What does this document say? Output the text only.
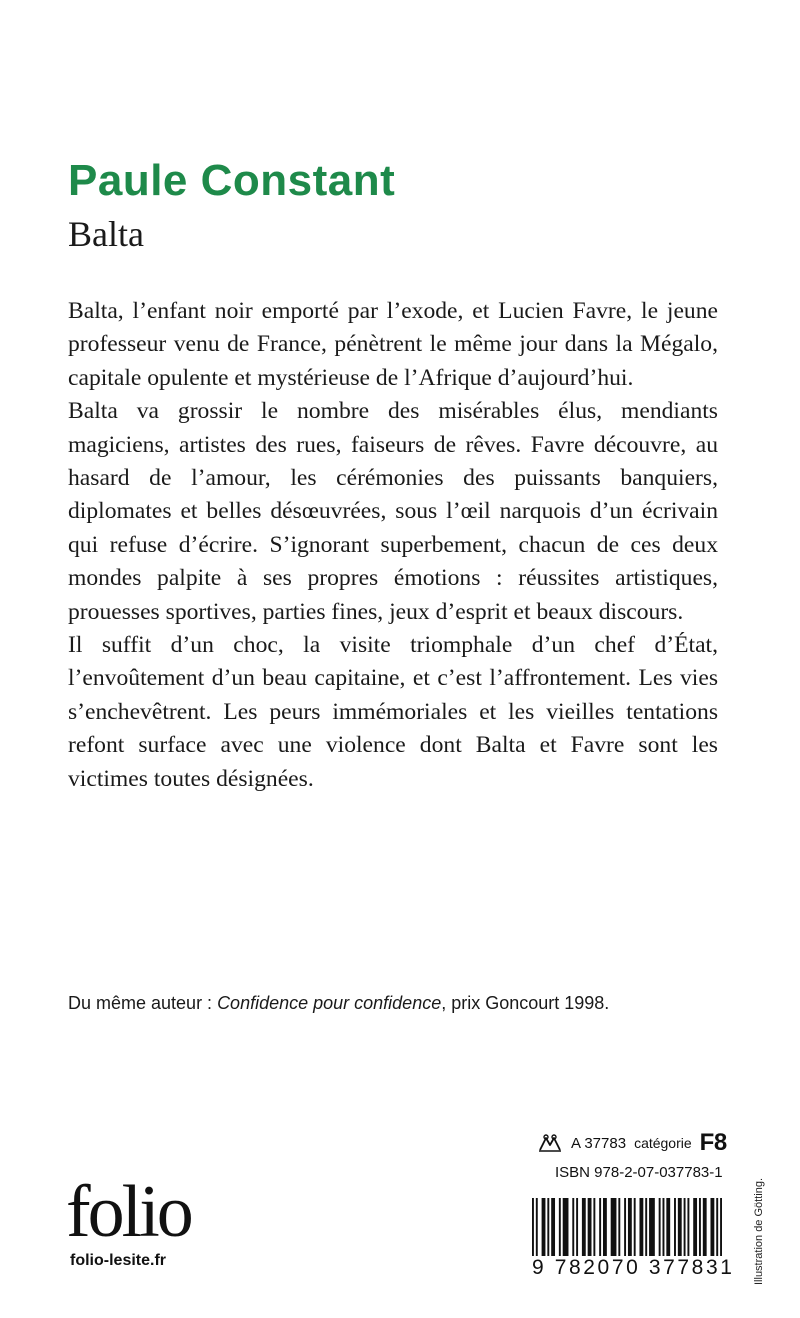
Paule Constant
Balta

Balta, l’enfant noir emporté par l’exode, et Lucien Favre, le jeune professeur venu de France, pénètrent le même jour dans la Mégalo, capitale opulente et mystérieuse de l’Afrique d’aujourd’hui.

Balta va grossir le nombre des misérables élus, mendiants magiciens, artistes des rues, faiseurs de rêves. Favre découvre, au hasard de l’amour, les cérémonies des puissants banquiers, diplomates et belles désœuvrées, sous l’œil narquois d’un écrivain qui refuse d’écrire. S’ignorant superbement, chacun de ces deux mondes palpite à ses propres émotions : réussites artistiques, prouesses sportives, parties fines, jeux d’esprit et beaux discours.

Il suffit d’un choc, la visite triomphale d’un chef d’État, l’envoûtement d’un beau capitaine, et c’est l’affrontement. Les vies s’enchevêtrent. Les peurs immémoriales et les vieilles tentations refont surface avec une violence dont Balta et Favre sont les victimes toutes désignées.

Du même auteur : Confidence pour confidence, prix Goncourt 1998.
folio
folio-lesite.fr
A 37783 catégorie F8
ISBN 978-2-07-037783-1
9 782070 377831 Illustration de Götting.
